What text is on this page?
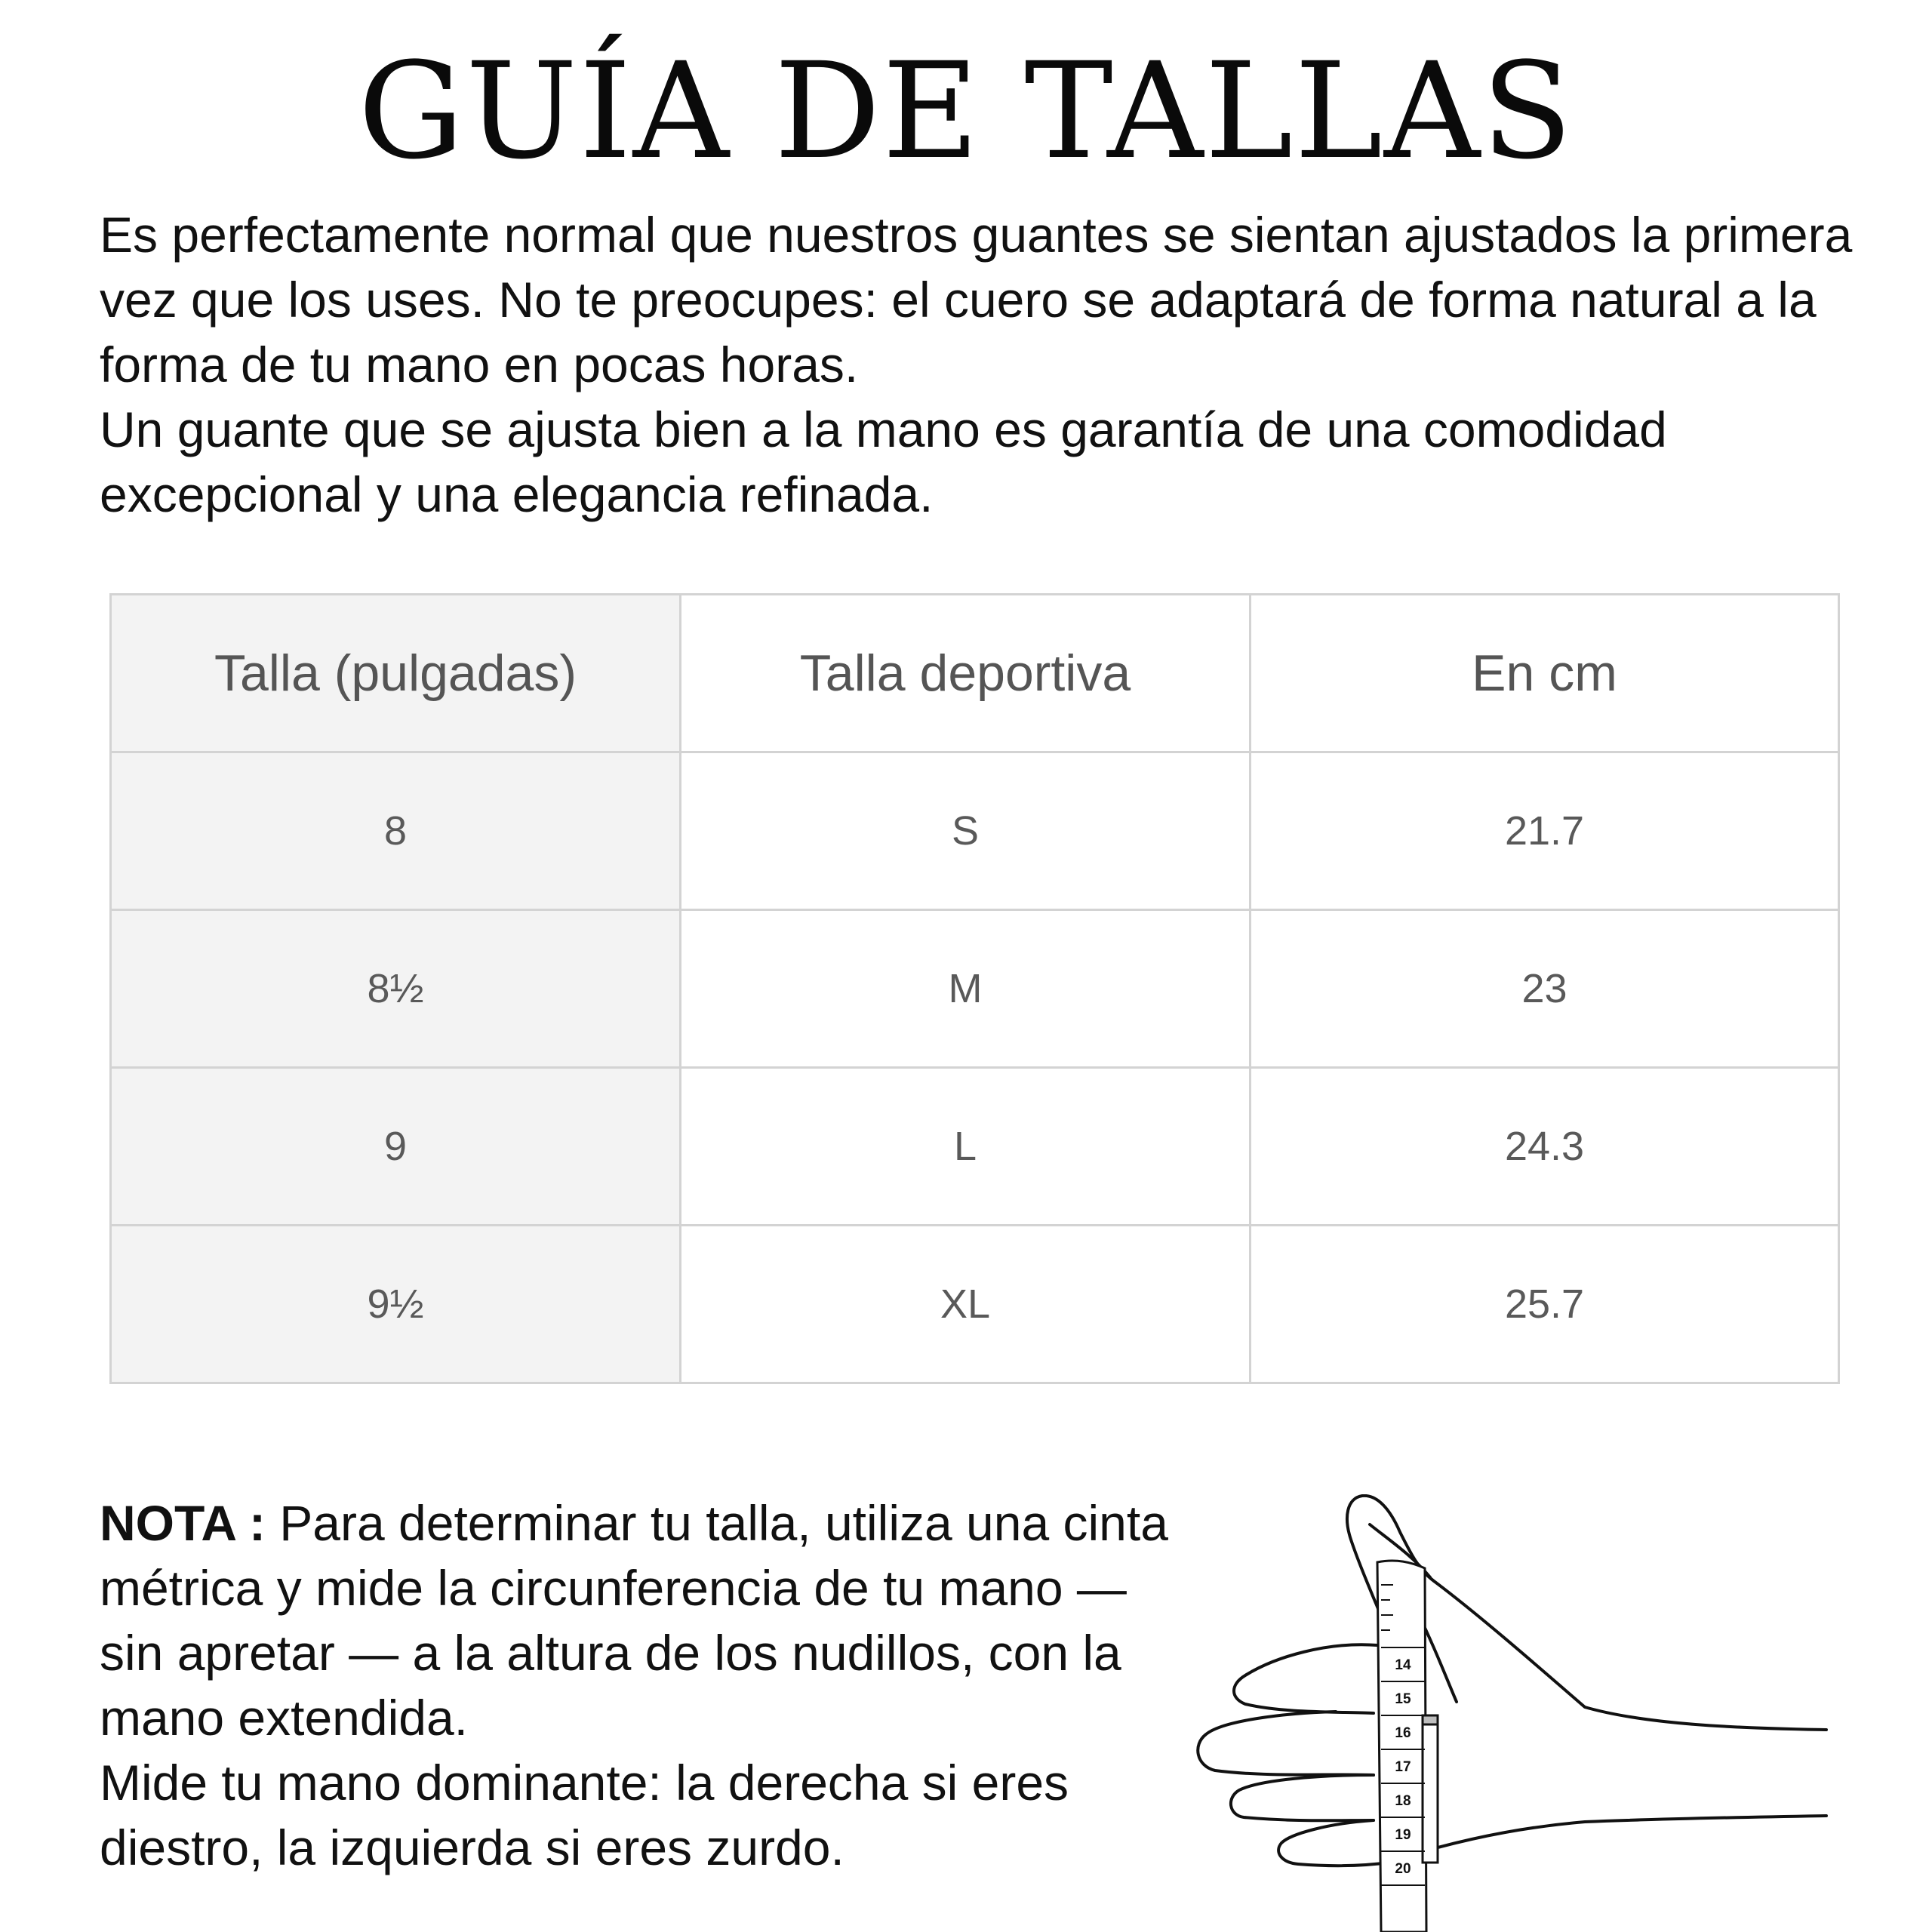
GUÍA DE TALLAS

Es perfectamente normal que nuestros guantes se sientan ajustados la primera vez que los uses. No te preocupes: el cuero se adaptará de forma natural a la forma de tu mano en pocas horas.

Un guante que se ajusta bien a la mano es garantía de una comodidad excepcional y una elegancia refinada.

Talla (pulgadas)	Talla deportiva	En cm
8	S	21.7
8½	M	23
9	L	24.3
9½	XL	25.7

NOTA : Para determinar tu talla, utiliza una cinta métrica y mide la circunferencia de tu mano — sin apretar — a la altura de los nudillos, con la mano extendida.

Mide tu mano dominante: la derecha si eres diestro, la izquierda si eres zurdo.

14
15
16
17
18
19
20
